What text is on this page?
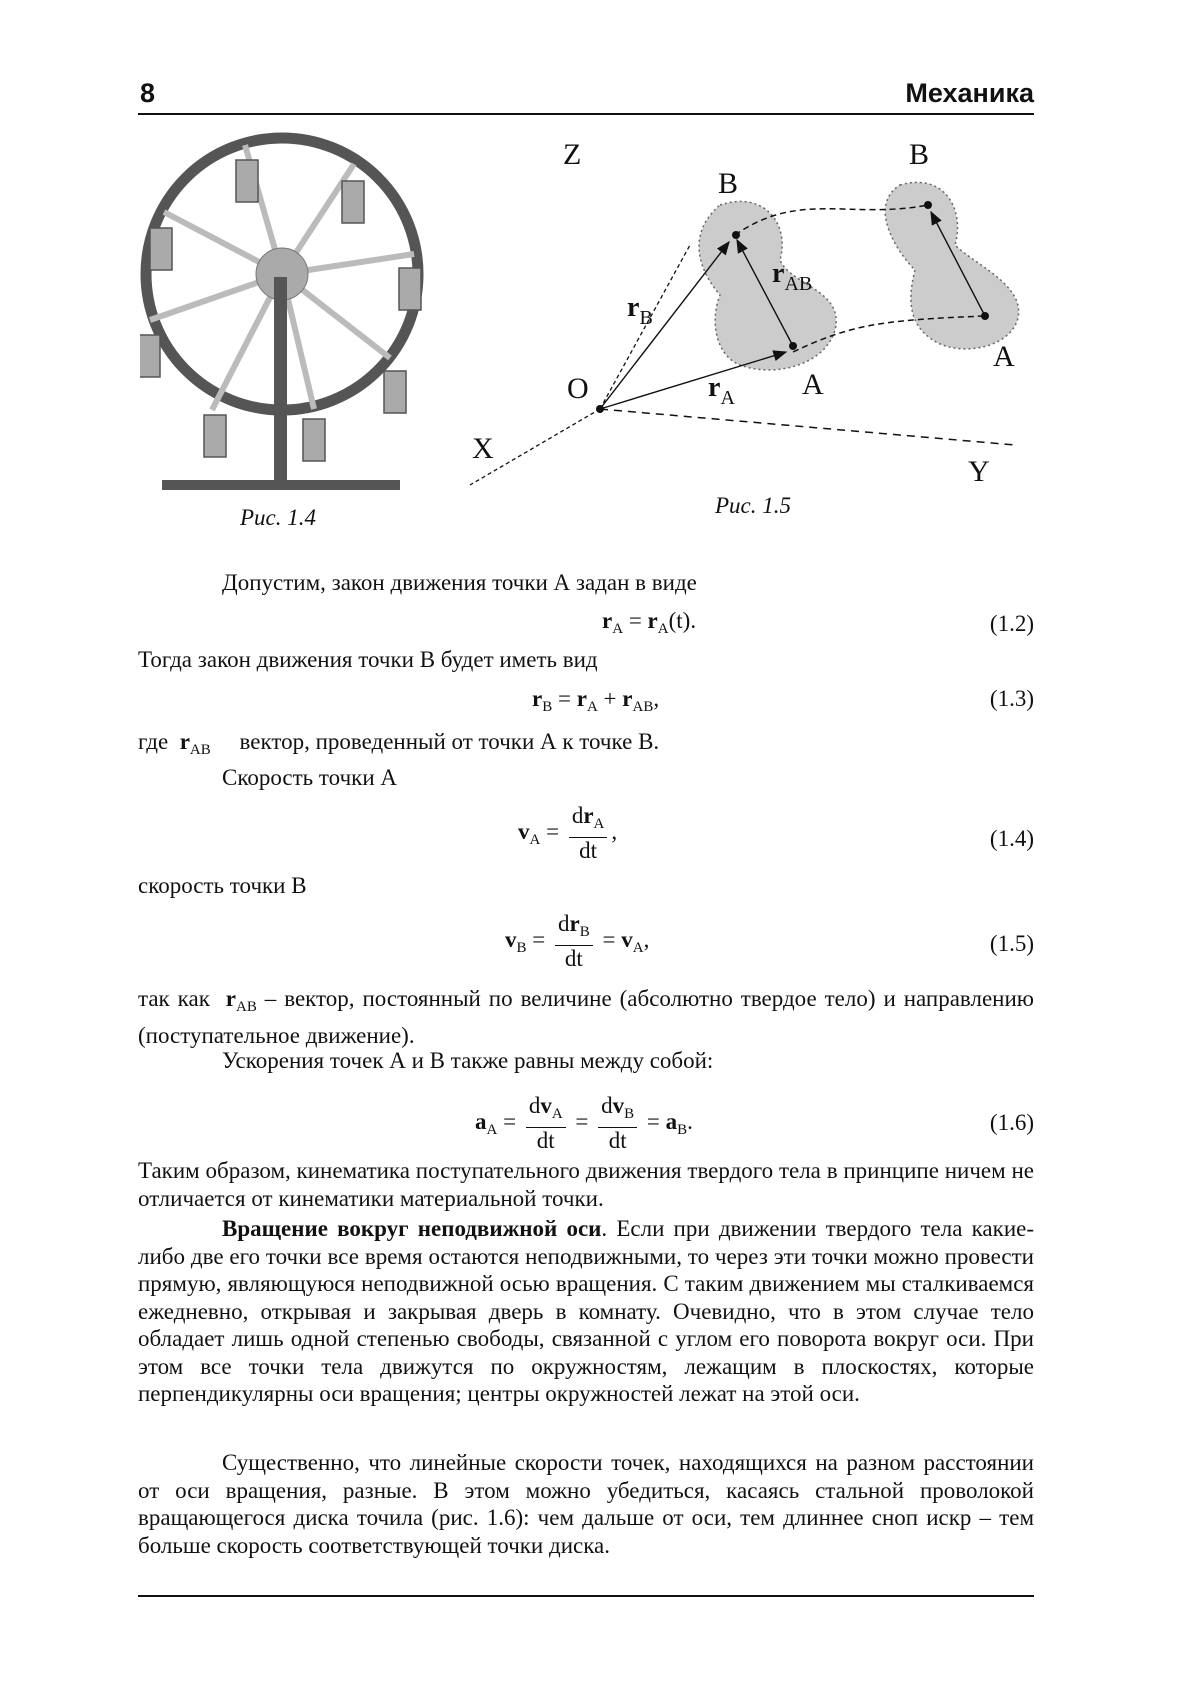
8	Механика
Рис. 1.4
Z
B
B
A
A
O
X
Y
$r_B$
$r_A$
$r_{AB}$
Рис. 1.5
Допустим, закон движения точки А задан в виде
$r_A = r_A(t)$.	(1.2)
Тогда закон движения точки В будет иметь вид
$r_B = r_A + r_{AB}$,	(1.3)
где $r_{AB}$ вектор, проведенный от точки А к точке В.
Скорость точки А
$v_A = \frac{dr_A}{dt}$ ,	(1.4)
скорость точки В
$v_B = \frac{dr_B}{dt} = v_A$,	(1.5)
так как $r_{AB}$ – вектор, постоянный по величине (абсолютно твердое тело) и направлению (поступательное движение).
Ускорения точек А и В также равны между собой:
$a_A = \frac{dv_A}{dt} = \frac{dv_B}{dt} = a_B$.	(1.6)
Таким образом, кинематика поступательного движения твердого тела в принципе ничем не отличается от кинематики материальной точки.
Вращение вокруг неподвижной оси. Если при движении твердого тела какие-либо две его точки все время остаются неподвижными, то через эти точки можно провести прямую, являющуюся неподвижной осью вращения. С таким движением мы сталкиваемся ежедневно, открывая и закрывая дверь в комнату. Очевидно, что в этом случае тело обладает лишь одной степенью свободы, связанной с углом его поворота вокруг оси. При этом все точки тела движутся по окружностям, лежащим в плоскостях, которые перпендикулярны оси вращения; центры окружностей лежат на этой оси.
Существенно, что линейные скорости точек, находящихся на разном расстоянии от оси вращения, разные. В этом можно убедиться, касаясь стальной проволокой вращающегося диска точила (рис. 1.6): чем дальше от оси, тем длиннее сноп искр – тем больше скорость соответствующей точки диска.
